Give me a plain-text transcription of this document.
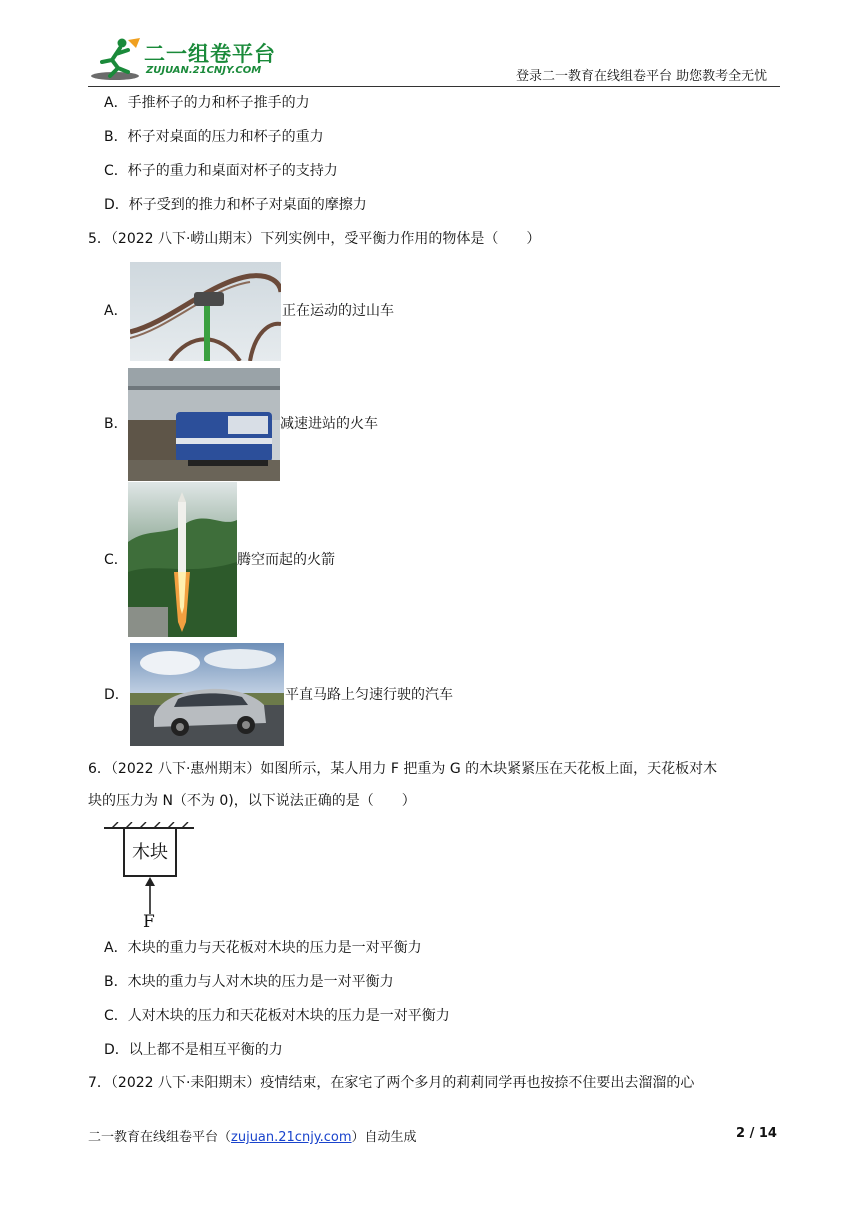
二一组卷平台
ZUJUAN.21CNJY.COM	登录二一教育在线组卷平台 助您教考全无忧
A．手推杯子的力和杯子推手的力
B．杯子对桌面的压力和杯子的重力
C．杯子的重力和桌面对杯子的支持力
D．杯子受到的推力和杯子对桌面的摩擦力
5．（2022 八下·崂山期末）下列实例中，受平衡力作用的物体是（　　）
A．	正在运动的过山车
B．	减速进站的火车
C．	腾空而起的火箭
D．	平直马路上匀速行驶的汽车
6．（2022 八下·惠州期末）如图所示，某人用力 F 把重为 G 的木块紧紧压在天花板上面，天花板对木
块的压力为 N（不为 0)，以下说法正确的是（　　）
木块
F
A．木块的重力与天花板对木块的压力是一对平衡力
B．木块的重力与人对木块的压力是一对平衡力
C．人对木块的压力和天花板对木块的压力是一对平衡力
D．以上都不是相互平衡的力
7．（2022 八下·耒阳期末）疫情结束，在家宅了两个多月的莉莉同学再也按捺不住要出去溜溜的心
二一教育在线组卷平台（zujuan.21cnjy.com）自动生成	2 / 14
